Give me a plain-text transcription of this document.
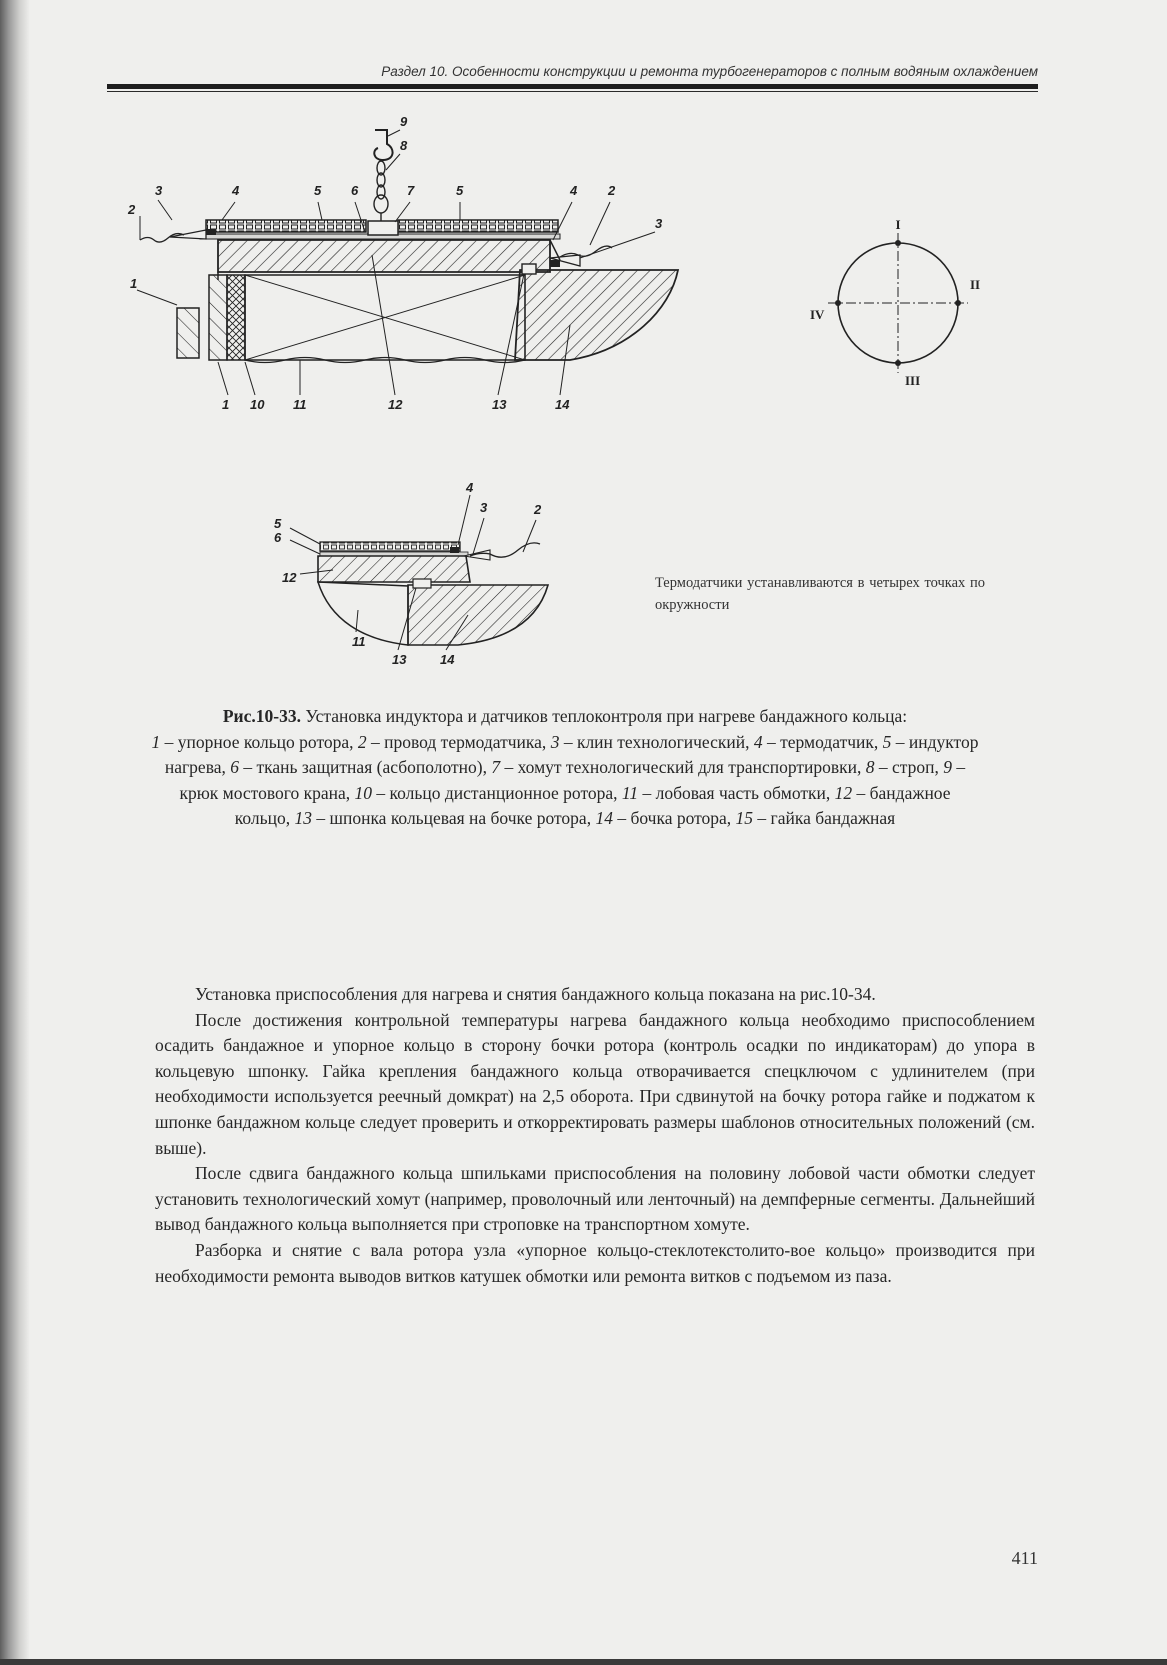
Раздел 10. Особенности конструкции и ремонта турбогенераторов с полным водяным охлаждением
1
2
3	4	5 6	7	5	4 2
3
8
9
1 10 11	12	13	14
I
II
III
IV
4
3	2
5
6
12
11
13	14
Термодатчики устанавливаются в четырех точках по окружности
Рис.10-33. Установка индуктора и датчиков теплоконтроля при нагреве бандажного кольца:
1 – упорное кольцо ротора, 2 – провод термодатчика, 3 – клин технологический, 4 – термодатчик, 5 – индуктор нагрева, 6 – ткань защитная (асбополотно), 7 – хомут технологический для транспортировки, 8 – строп, 9 – крюк мостового крана, 10 – кольцо дистанционное ротора, 11 – лобовая часть обмотки, 12 – бандажное кольцо, 13 – шпонка кольцевая на бочке ротора, 14 – бочка ротора, 15 – гайка бандажная

Установка приспособления для нагрева и снятия бандажного кольца показана на рис.10-34.

После достижения контрольной температуры нагрева бандажного кольца необходимо приспособлением осадить бандажное и упорное кольцо в сторону бочки ротора (контроль осадки по индикаторам) до упора в кольцевую шпонку. Гайка крепления бандажного кольца отворачивается спецключом с удлинителем (при необходимости используется реечный домкрат) на 2,5 оборота. При сдвинутой на бочку ротора гайке и поджатом к шпонке бандажном кольце следует проверить и откорректировать размеры шаблонов относительных положений (см. выше).

После сдвига бандажного кольца шпильками приспособления на половину лобовой части обмотки следует установить технологический хомут (например, проволочный или ленточный) на демпферные сегменты. Дальнейший вывод бандажного кольца выполняется при строповке на транспортном хомуте.

Разборка и снятие с вала ротора узла «упорное кольцо-стеклотекстолито-вое кольцо» производится при необходимости ремонта выводов витков катушек обмотки или ремонта витков с подъемом из паза.

411
